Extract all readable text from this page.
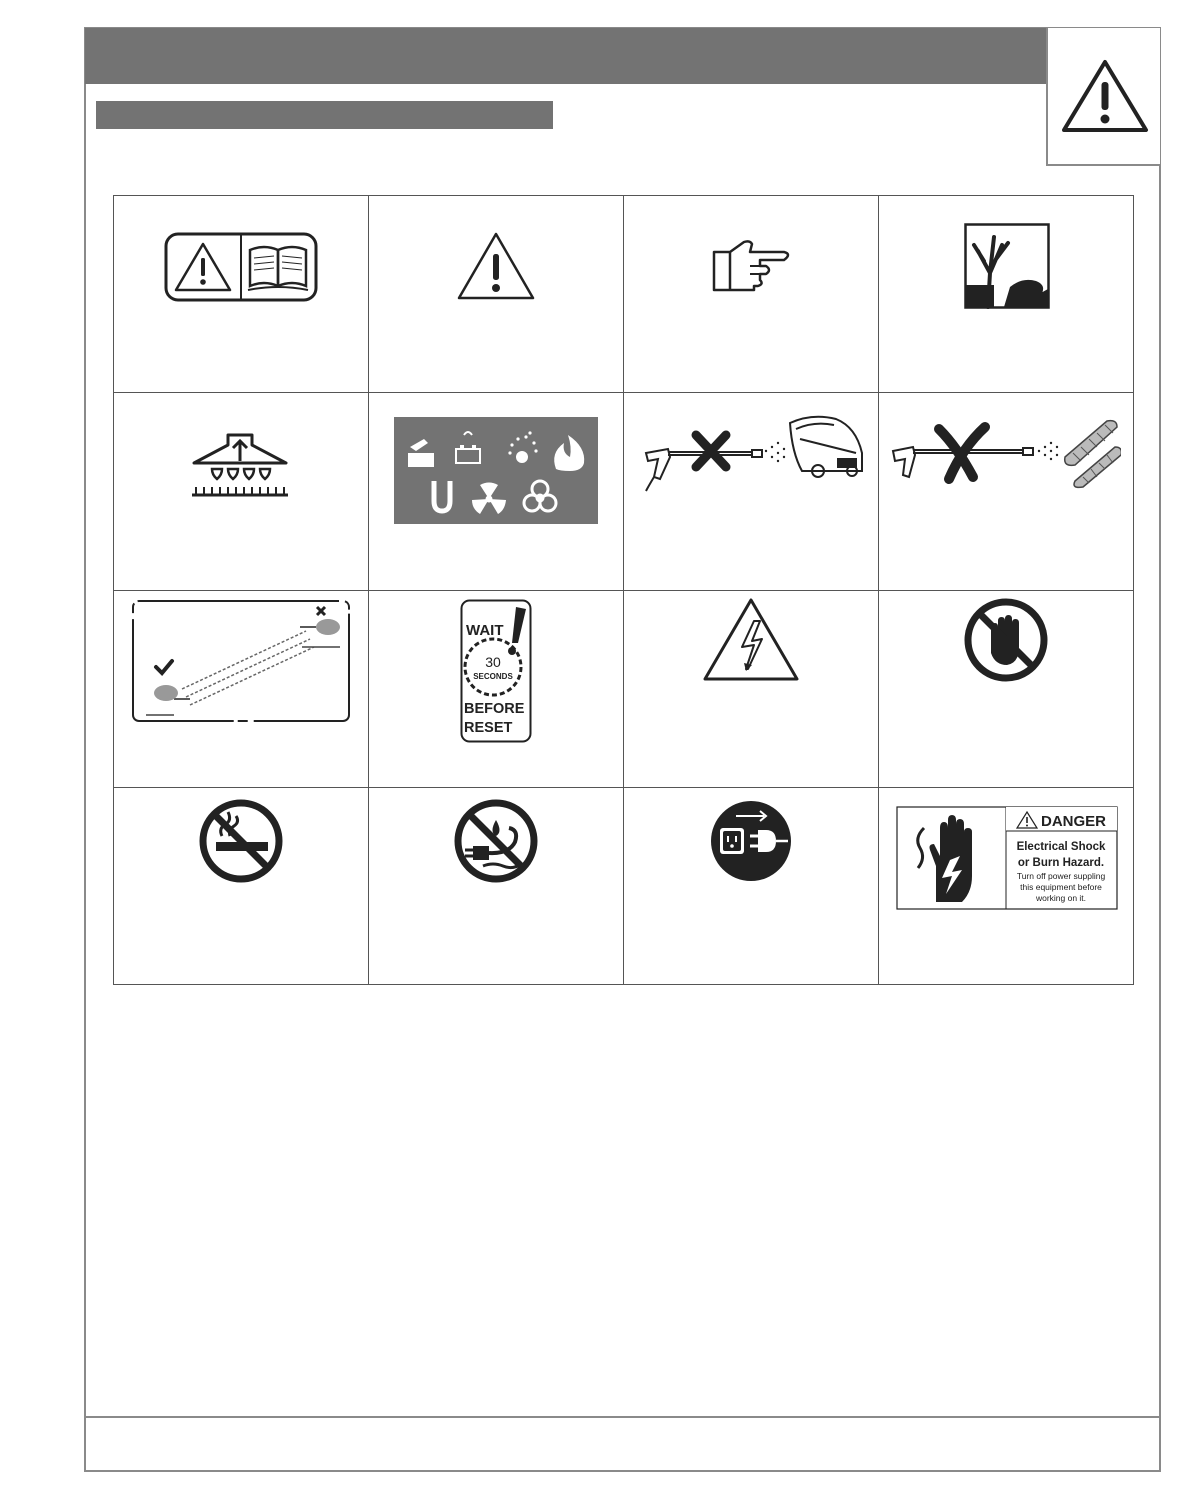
WAIT
30
SECONDS
BEFORE
RESET
DANGER
Electrical Shock
or Burn Hazard.
Turn off power suppling
this equipment before
working on it.
